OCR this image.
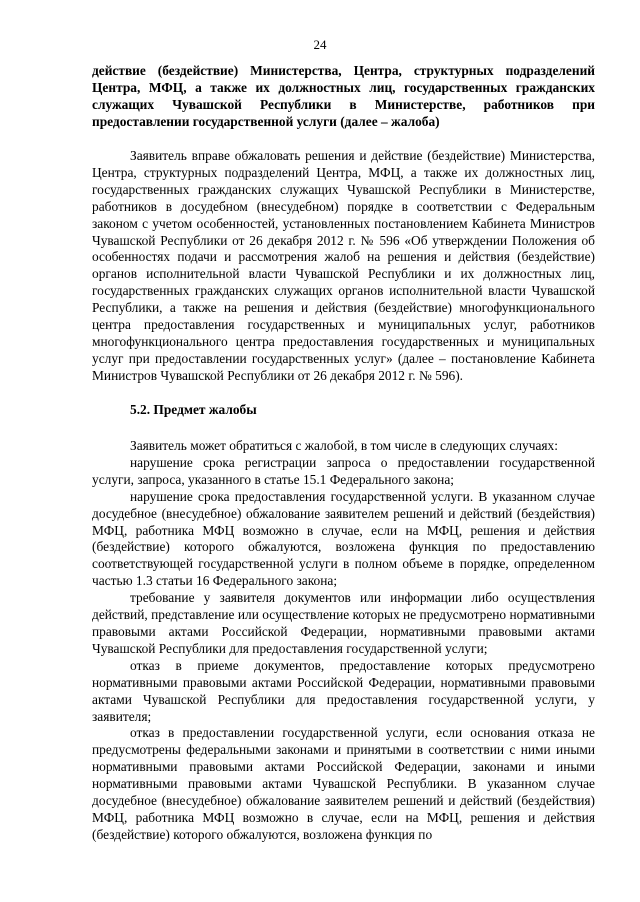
24
действие (бездействие) Министерства, Центра, структурных подразделений Центра, МФЦ, а также их должностных лиц, государственных гражданских служащих Чувашской Республики в Министерстве, работников при предоставлении государственной услуги (далее – жалоба)

Заявитель вправе обжаловать решения и действие (бездействие) Министерства, Центра, структурных подразделений Центра, МФЦ, а также их должностных лиц, государственных гражданских служащих Чувашской Республики в Министерстве, работников в досудебном (внесудебном) порядке в соответствии с Федеральным законом с учетом особенностей, установленных постановлением Кабинета Министров Чувашской Республики от 26 декабря 2012 г. № 596 «Об утверждении Положения об особенностях подачи и рассмотрения жалоб на решения и действия (бездействие) органов исполнительной власти Чувашской Республики и их должностных лиц, государственных гражданских служащих органов исполнительной власти Чувашской Республики, а также на решения и действия (бездействие) многофункционального центра предоставления государственных и муниципальных услуг, работников многофункционального центра предоставления государственных и муниципальных услуг при предоставлении государственных услуг» (далее – постановление Кабинета Министров Чувашской Республики от 26 декабря 2012 г. № 596).

5.2. Предмет жалобы

Заявитель может обратиться с жалобой, в том числе в следующих случаях:

нарушение срока регистрации запроса о предоставлении государственной услуги, запроса, указанного в статье 15.1 Федерального закона;

нарушение срока предоставления государственной услуги. В указанном случае досудебное (внесудебное) обжалование заявителем решений и действий (бездействия) МФЦ, работника МФЦ возможно в случае, если на МФЦ, решения и действия (бездействие) которого обжалуются, возложена функция по предоставлению соответствующей государственной услуги в полном объеме в порядке, определенном частью 1.3 статьи 16 Федерального закона;

требование у заявителя документов или информации либо осуществления действий, представление или осуществление которых не предусмотрено нормативными правовыми актами Российской Федерации, нормативными правовыми актами Чувашской Республики для предоставления государственной услуги;

отказ в приеме документов, предоставление которых предусмотрено нормативными правовыми актами Российской Федерации, нормативными правовыми актами Чувашской Республики для предоставления государственной услуги, у заявителя;

отказ в предоставлении государственной услуги, если основания отказа не предусмотрены федеральными законами и принятыми в соответствии с ними иными нормативными правовыми актами Российской Федерации, законами и иными нормативными правовыми актами Чувашской Республики. В указанном случае досудебное (внесудебное) обжалование заявителем решений и действий (бездействия) МФЦ, работника МФЦ возможно в случае, если на МФЦ, решения и действия (бездействие) которого обжалуются, возложена функция по
